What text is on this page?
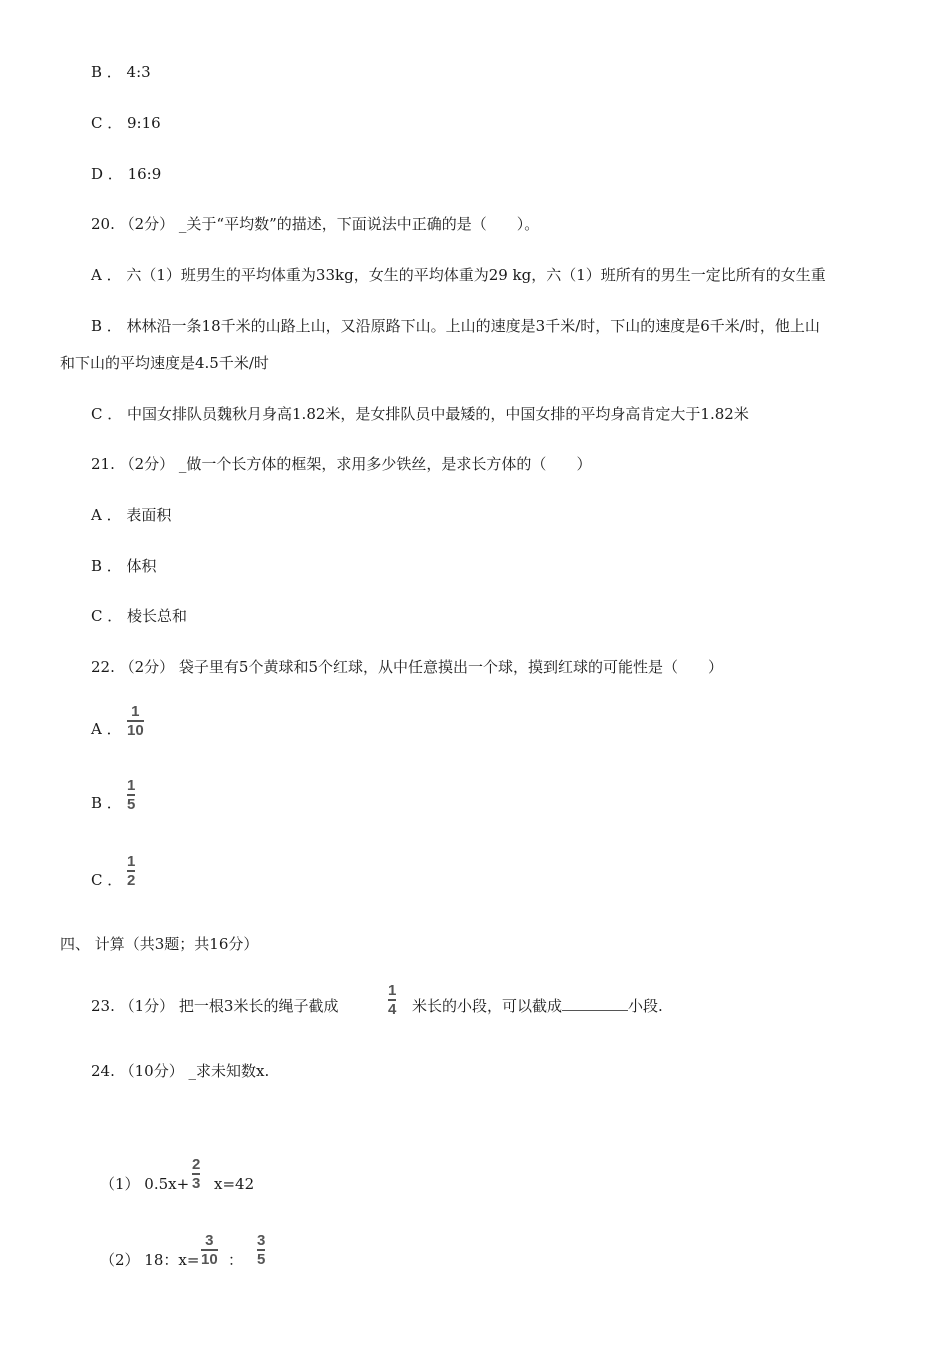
B ． 4:3
C ． 9:16
D ． 16:9
20. （2分） _关于“平均数”的描述，下面说法中正确的是（　　）。
A ． 六（1）班男生的平均体重为33kg，女生的平均体重为29 kg，六（1）班所有的男生一定比所有的女生重
B ． 林林沿一条18千米的山路上山，又沿原路下山。上山的速度是3千米/时，下山的速度是6千米/时，他上山
和下山的平均速度是4.5千米/时
C ． 中国女排队员魏秋月身高1.82米，是女排队员中最矮的，中国女排的平均身高肯定大于1.82米
21. （2分） _做一个长方体的框架，求用多少铁丝，是求长方体的（　　）
A ． 表面积
B ． 体积
C ． 棱长总和
22. （2分） 袋子里有5个黄球和5个红球，从中任意摸出一个球，摸到红球的可能性是（　　）
A ．
1
10
B ．
1
5
C ．
1
2
四、 计算（共3题；共16分）
23. （1分） 把一根3米长的绳子截成
1
4 米长的小段，可以截成	小段.
24. （10分） _求未知数x.
（1） 0.5x+
2
3 x=42
（2） 18：x=
3
10 ：
3
5
